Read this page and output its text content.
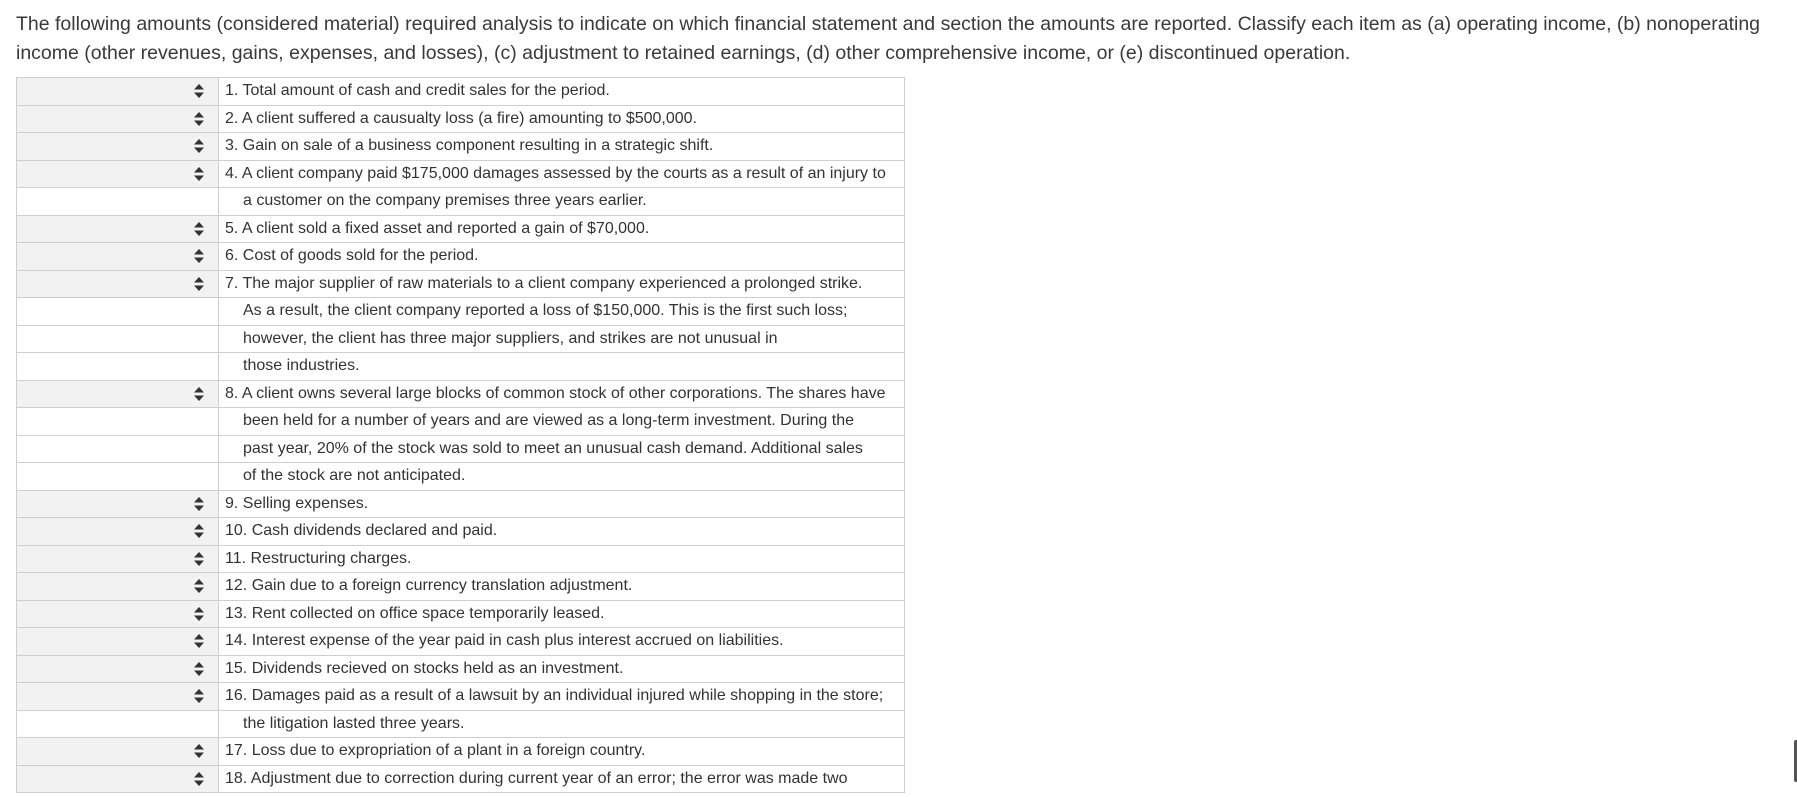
The following amounts (considered material) required analysis to indicate on which financial statement and section the amounts are reported. Classify each item as (a) operating income, (b) nonoperating income (other revenues, gains, expenses, and losses), (c) adjustment to retained earnings, (d) other comprehensive income, or (e) discontinued operation.

	1. Total amount of cash and credit sales for the period.

	2. A client suffered a causualty loss (a fire) amounting to $500,000.

	3. Gain on sale of a business component resulting in a strategic shift.

	4. A client company paid $175,000 damages assessed by the courts as a result of an injury to
	a customer on the company premises three years earlier.

	5. A client sold a fixed asset and reported a gain of $70,000.

	6. Cost of goods sold for the period.

	7. The major supplier of raw materials to a client company experienced a prolonged strike.
	As a result, the client company reported a loss of $150,000. This is the first such loss;
	however, the client has three major suppliers, and strikes are not unusual in
	those industries.

	8. A client owns several large blocks of common stock of other corporations. The shares have
	been held for a number of years and are viewed as a long-term investment. During the
	past year, 20% of the stock was sold to meet an unusual cash demand. Additional sales
	of the stock are not anticipated.

	9. Selling expenses.

	10. Cash dividends declared and paid.

	11. Restructuring charges.

	12. Gain due to a foreign currency translation adjustment.

	13. Rent collected on office space temporarily leased.

	14. Interest expense of the year paid in cash plus interest accrued on liabilities.

	15. Dividends recieved on stocks held as an investment.

	16. Damages paid as a result of a lawsuit by an individual injured while shopping in the store;
	the litigation lasted three years.

	17. Loss due to expropriation of a plant in a foreign country.

	18. Adjustment due to correction during current year of an error; the error was made two
